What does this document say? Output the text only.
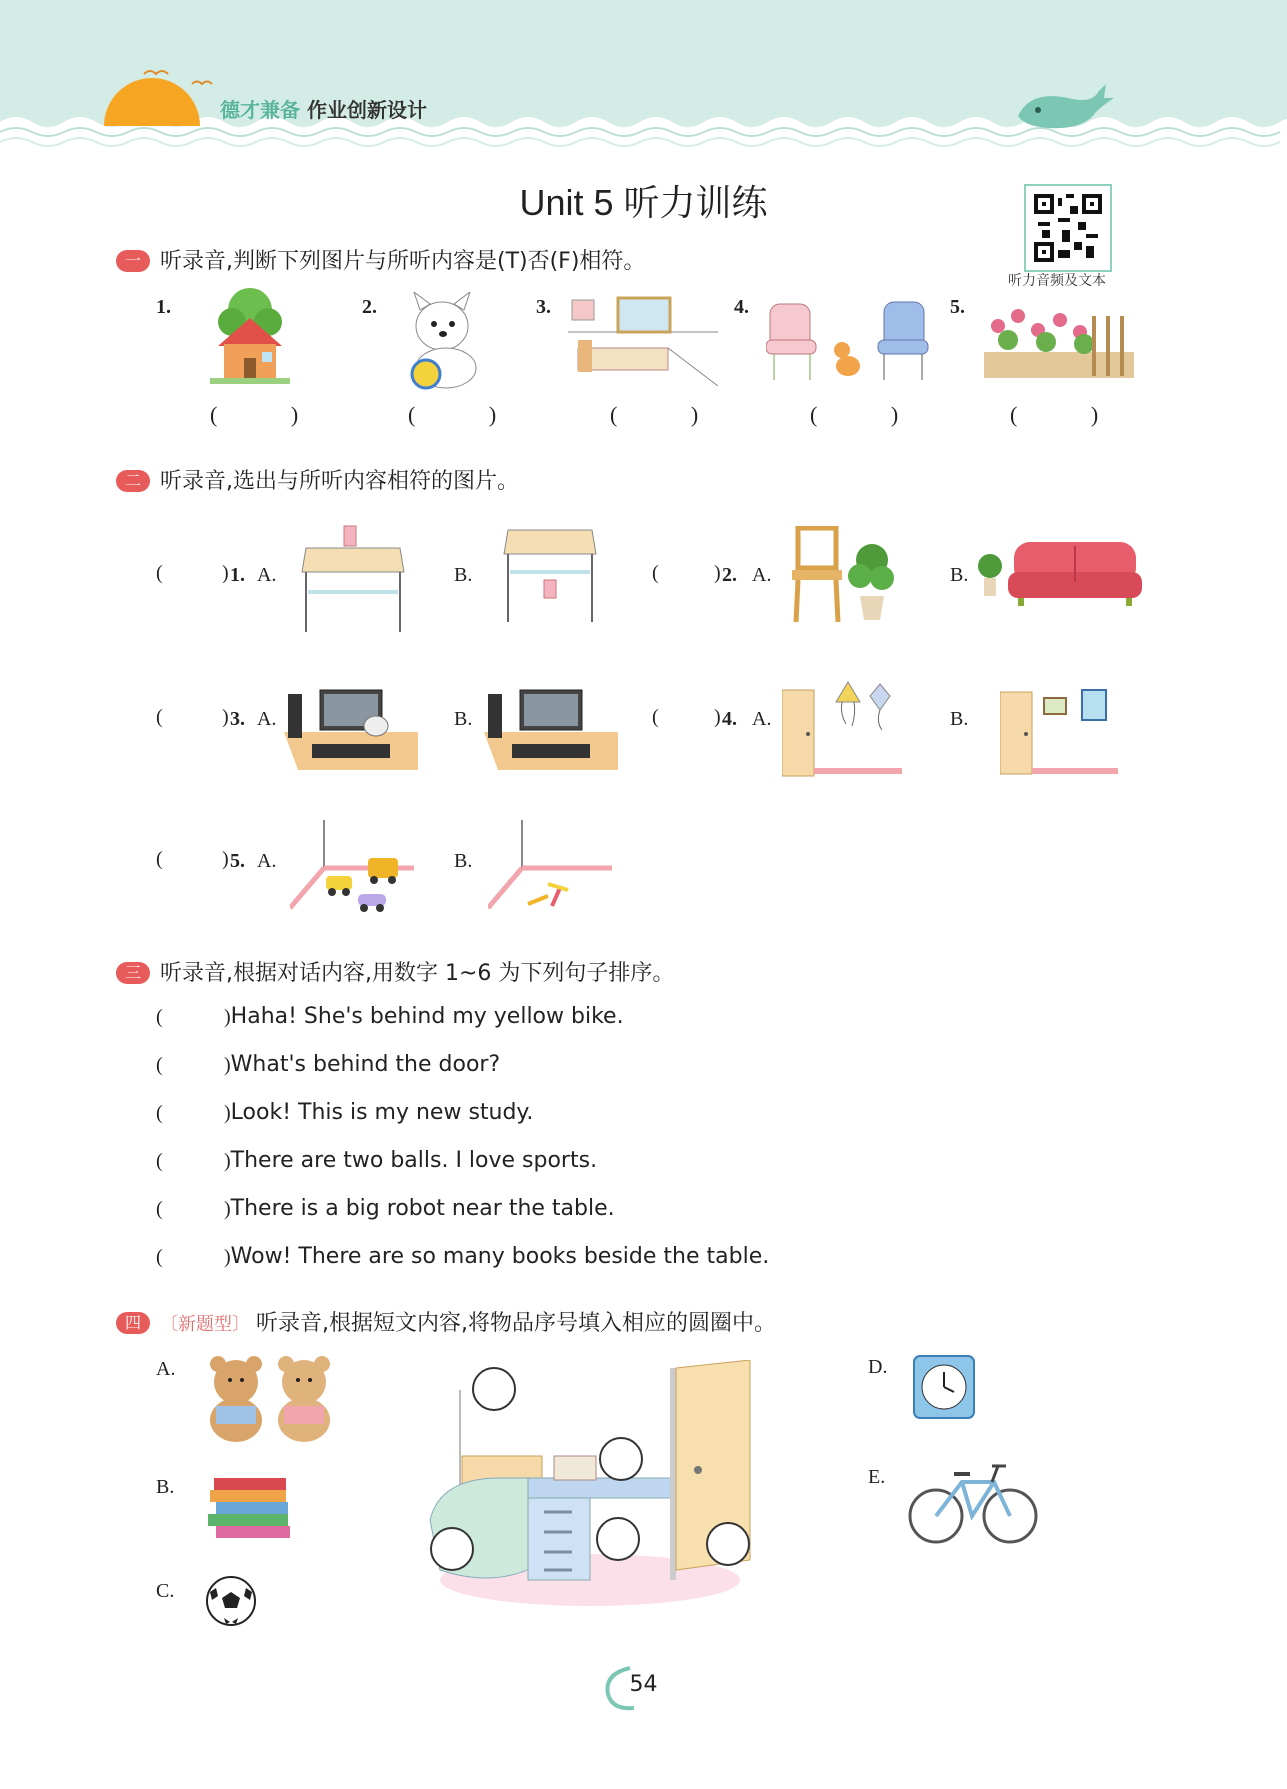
德才兼备 作业创新设计
Unit 5 听力训练
听力音频及文本
一 听录音,判断下列图片与所听内容是(T)否(F)相符。
1.
( )
2.
( )
3.
( )
4.
( )
5.
( )
二 听录音,选出与所听内容相符的图片。
(	) 1. A.	B.	(	) 2. A.	B.
(	) 3. A.	B.	(	) 4. A.	B.
(	) 5. A.	B.
三 听录音,根据对话内容,用数字 1~6 为下列句子排序。
(	)Haha! She's behind my yellow bike.
(	)What's behind the door?
(	)Look! This is my new study.
(	)There are two balls. I love sports.
(	)There is a big robot near the table.
(	)Wow! There are so many books beside the table.
四 〔新题型〕 听录音,根据短文内容,将物品序号填入相应的圆圈中。
A.
B.
C.
D.
E.
54
